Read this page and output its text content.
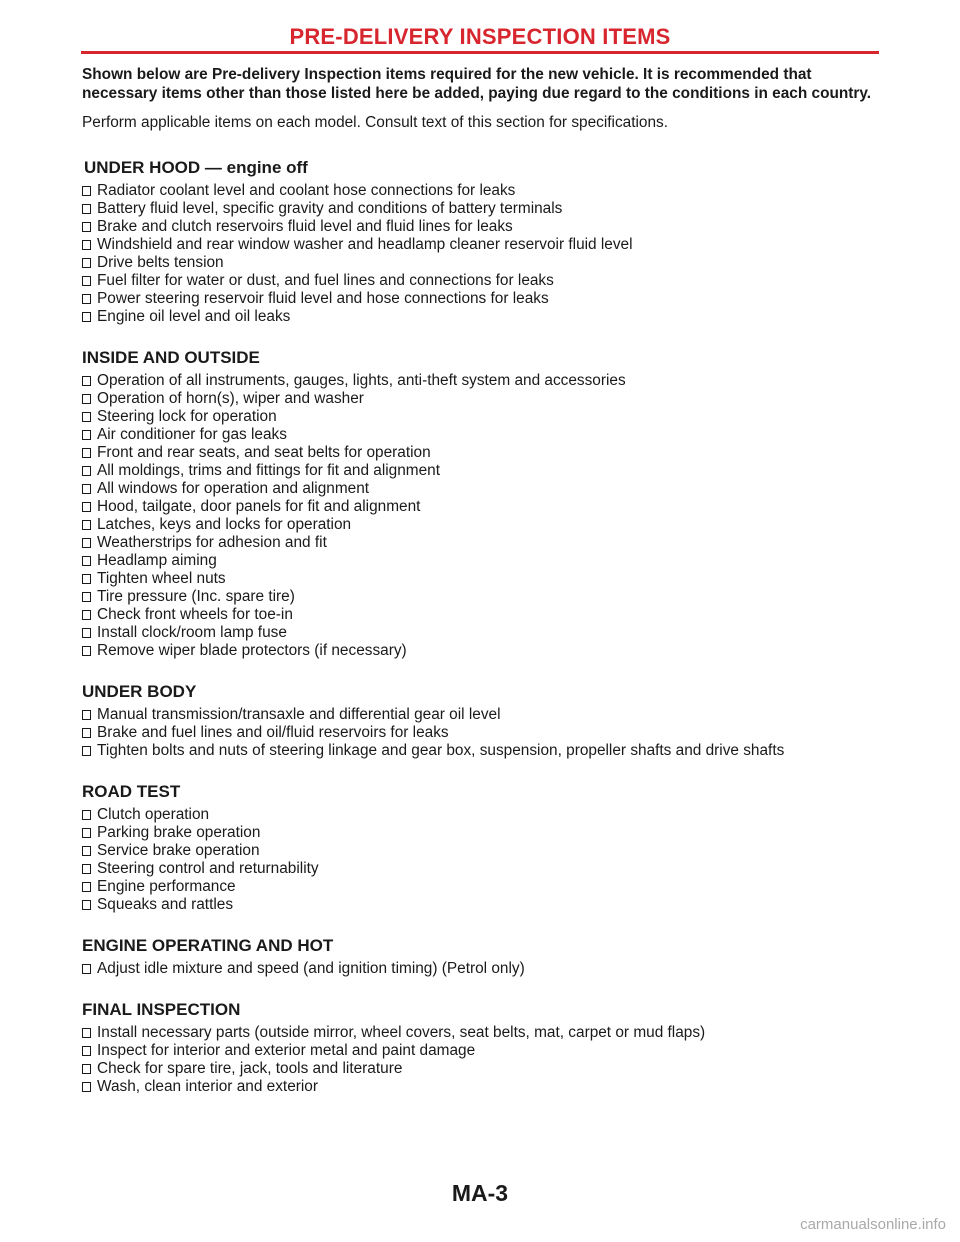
PRE-DELIVERY INSPECTION ITEMS

Shown below are Pre-delivery Inspection items required for the new vehicle. It is recommended that necessary items other than those listed here be added, paying due regard to the conditions in each country.

Perform applicable items on each model. Consult text of this section for specifications.

UNDER HOOD — engine off
Radiator coolant level and coolant hose connections for leaks
Battery fluid level, specific gravity and conditions of battery terminals
Brake and clutch reservoirs fluid level and fluid lines for leaks
Windshield and rear window washer and headlamp cleaner reservoir fluid level
Drive belts tension
Fuel filter for water or dust, and fuel lines and connections for leaks
Power steering reservoir fluid level and hose connections for leaks
Engine oil level and oil leaks
INSIDE AND OUTSIDE
Operation of all instruments, gauges, lights, anti-theft system and accessories
Operation of horn(s), wiper and washer
Steering lock for operation
Air conditioner for gas leaks
Front and rear seats, and seat belts for operation
All moldings, trims and fittings for fit and alignment
All windows for operation and alignment
Hood, tailgate, door panels for fit and alignment
Latches, keys and locks for operation
Weatherstrips for adhesion and fit
Headlamp aiming
Tighten wheel nuts
Tire pressure (Inc. spare tire)
Check front wheels for toe-in
Install clock/room lamp fuse
Remove wiper blade protectors (if necessary)
UNDER BODY
Manual transmission/transaxle and differential gear oil level
Brake and fuel lines and oil/fluid reservoirs for leaks
Tighten bolts and nuts of steering linkage and gear box, suspension, propeller shafts and drive shafts
ROAD TEST
Clutch operation
Parking brake operation
Service brake operation
Steering control and returnability
Engine performance
Squeaks and rattles
ENGINE OPERATING AND HOT
Adjust idle mixture and speed (and ignition timing) (Petrol only)
FINAL INSPECTION
Install necessary parts (outside mirror, wheel covers, seat belts, mat, carpet or mud flaps)
Inspect for interior and exterior metal and paint damage
Check for spare tire, jack, tools and literature
Wash, clean interior and exterior
MA-3
carmanualsonline.info
